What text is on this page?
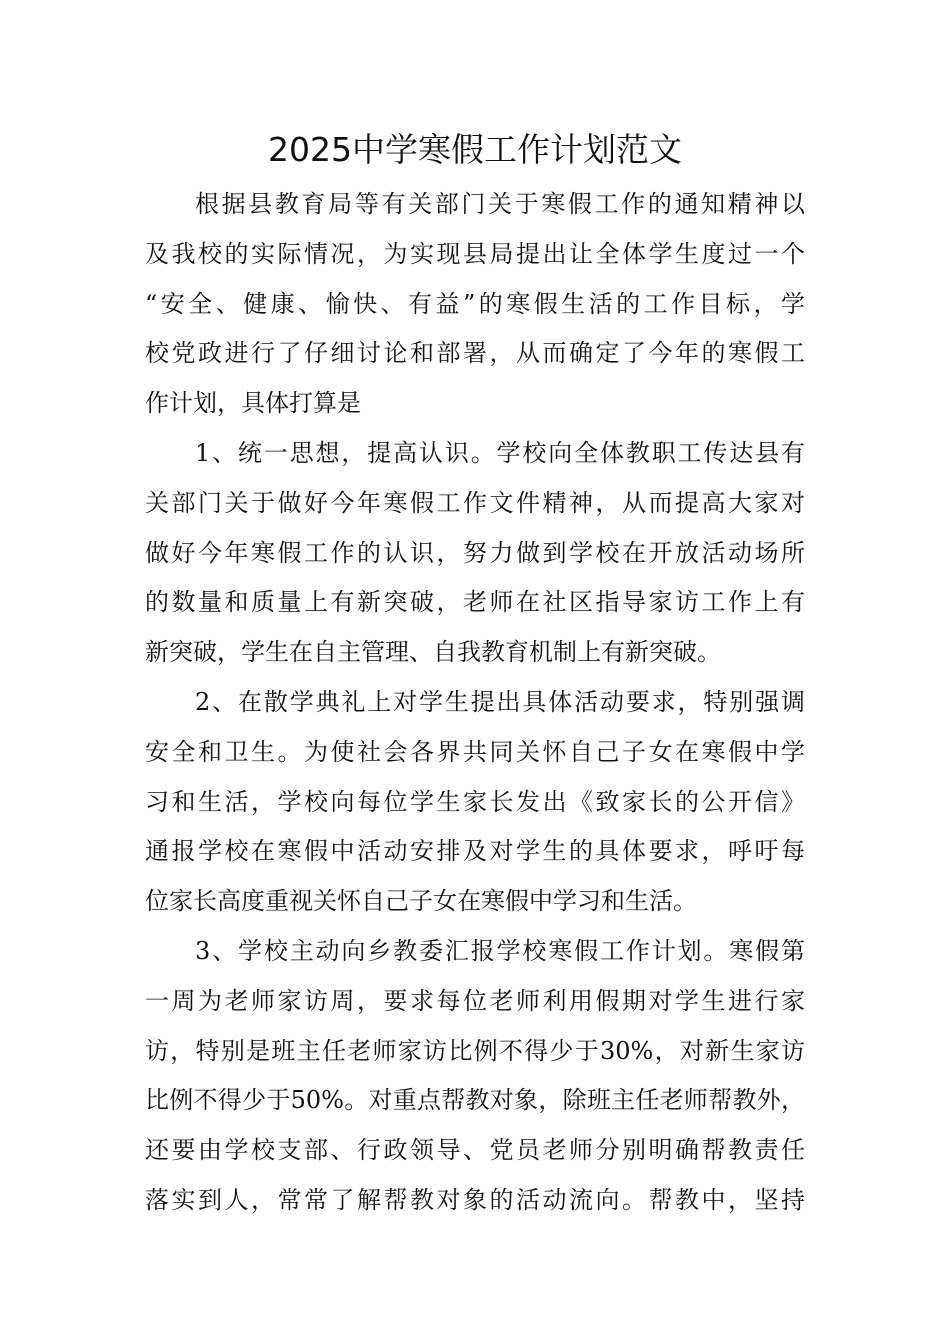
2025中学寒假工作计划范文
根据县教育局等有关部门关于寒假工作的通知精神以
及我校的实际情况，为实现县局提出让全体学生度过一个
“安全、健康、愉快、有益”的寒假生活的工作目标，学
校党政进行了仔细讨论和部署，从而确定了今年的寒假工
作计划，具体打算是
1、统一思想，提高认识。学校向全体教职工传达县有
关部门关于做好今年寒假工作文件精神，从而提高大家对
做好今年寒假工作的认识，努力做到学校在开放活动场所
的数量和质量上有新突破，老师在社区指导家访工作上有
新突破，学生在自主管理、自我教育机制上有新突破。
2、在散学典礼上对学生提出具体活动要求，特别强调
安全和卫生。为使社会各界共同关怀自己子女在寒假中学
习和生活，学校向每位学生家长发出《致家长的公开信》
通报学校在寒假中活动安排及对学生的具体要求，呼吁每
位家长高度重视关怀自己子女在寒假中学习和生活。
3、学校主动向乡教委汇报学校寒假工作计划。寒假第
一周为老师家访周，要求每位老师利用假期对学生进行家
访，特别是班主任老师家访比例不得少于30%，对新生家访
比例不得少于50%。对重点帮教对象，除班主任老师帮教外，
还要由学校支部、行政领导、党员老师分别明确帮教责任
落实到人，常常了解帮教对象的活动流向。帮教中，坚持
